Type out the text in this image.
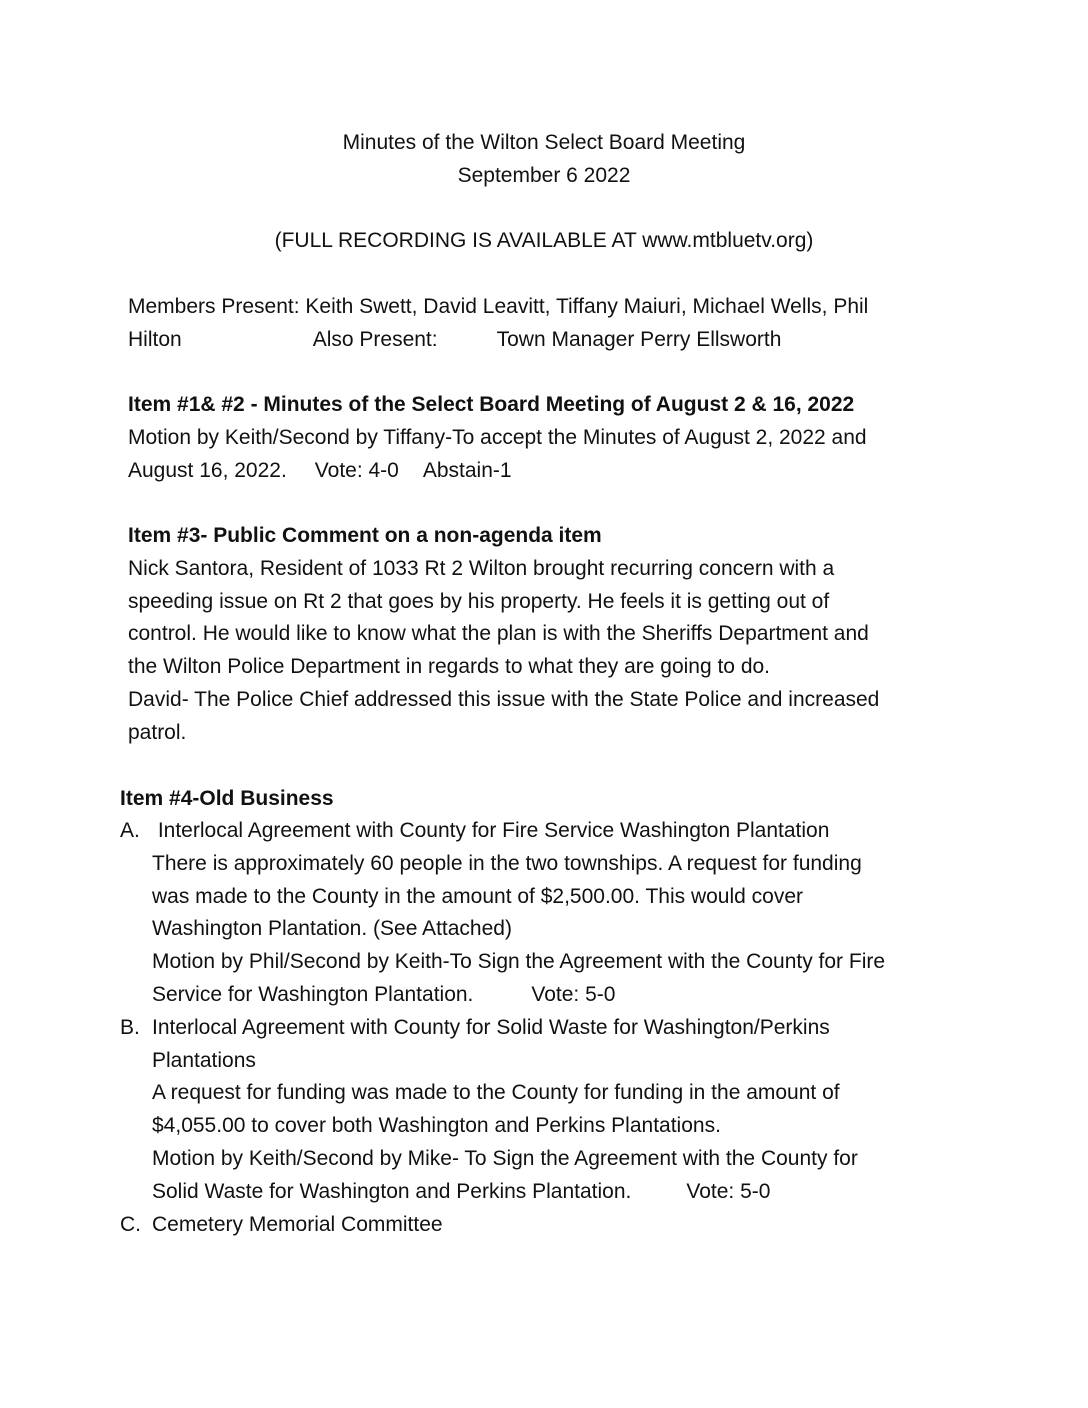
Minutes of the Wilton Select Board Meeting
September 6 2022
(FULL RECORDING IS AVAILABLE AT www.mtbluetv.org)
Members Present: Keith Swett, David Leavitt, Tiffany Maiuri, Michael Wells, Phil
Hilton	Also Present:	Town Manager Perry Ellsworth
Item #1& #2 - Minutes of the Select Board Meeting of August 2 & 16, 2022
Motion by Keith/Second by Tiffany-To accept the Minutes of August 2, 2022 and
August 16, 2022. Vote: 4-0 Abstain-1
Item #3- Public Comment on a non-agenda item
Nick Santora, Resident of 1033 Rt 2 Wilton brought recurring concern with a
speeding issue on Rt 2 that goes by his property. He feels it is getting out of
control. He would like to know what the plan is with the Sheriffs Department and
the Wilton Police Department in regards to what they are going to do.
David- The Police Chief addressed this issue with the State Police and increased
patrol.
Item #4-Old Business
A. Interlocal Agreement with County for Fire Service Washington Plantation
There is approximately 60 people in the two townships. A request for funding
was made to the County in the amount of $2,500.00. This would cover
Washington Plantation. (See Attached)
Motion by Phil/Second by Keith-To Sign the Agreement with the County for Fire
Service for Washington Plantation.	Vote: 5-0
B. Interlocal Agreement with County for Solid Waste for Washington/Perkins
Plantations
A request for funding was made to the County for funding in the amount of
$4,055.00 to cover both Washington and Perkins Plantations.
Motion by Keith/Second by Mike- To Sign the Agreement with the County for
Solid Waste for Washington and Perkins Plantation.	Vote: 5-0
C. Cemetery Memorial Committee
